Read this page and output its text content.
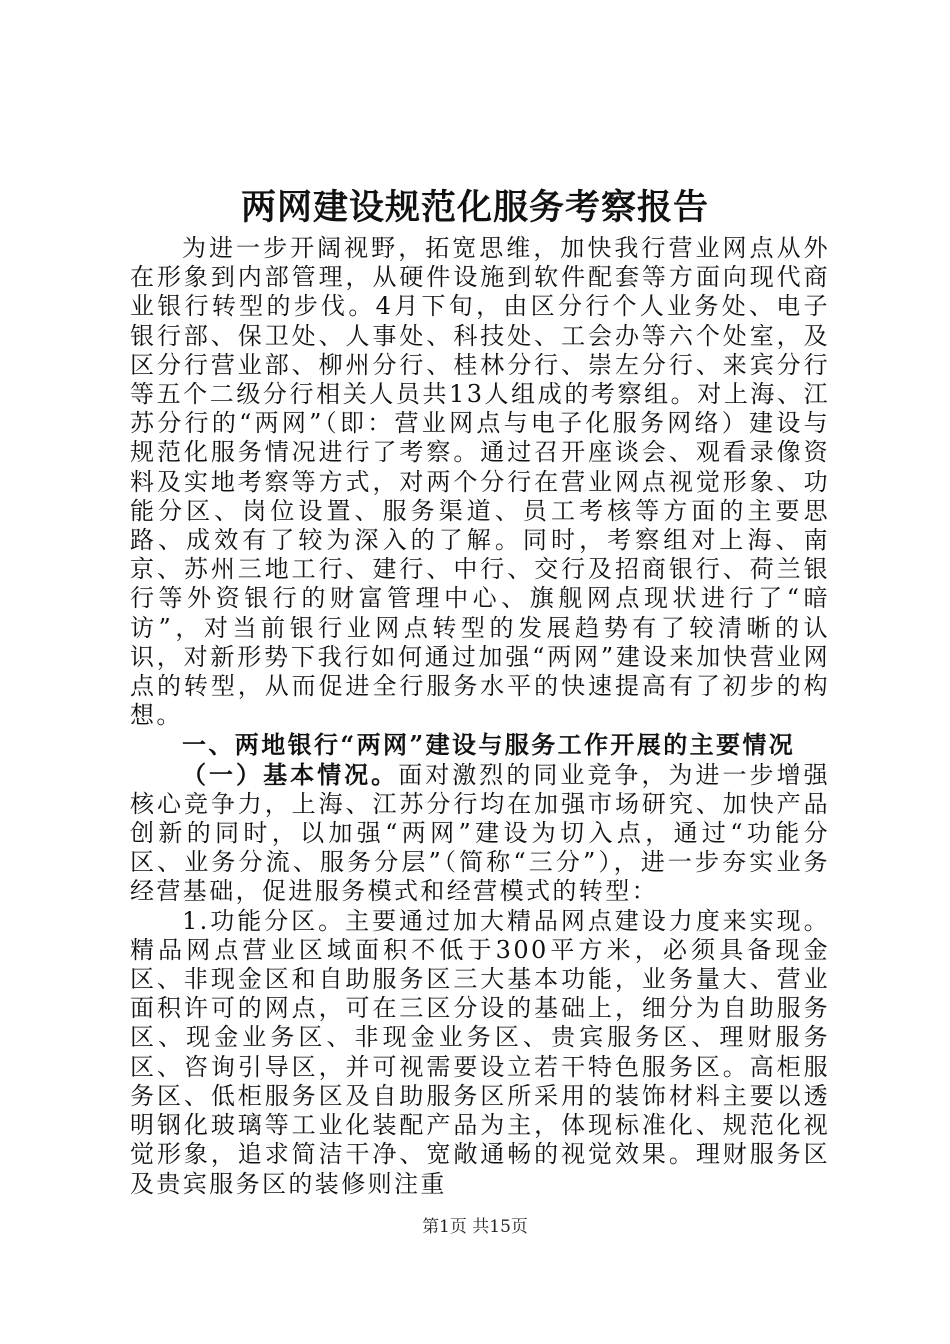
两网建设规范化服务考察报告

为进一步开阔视野，拓宽思维，加快我行营业网点从外在形象到内部管理，从硬件设施到软件配套等方面向现代商业银行转型的步伐。4月下旬，由区分行个人业务处、电子银行部、保卫处、人事处、科技处、工会办等六个处室，及区分行营业部、柳州分行、桂林分行、崇左分行、来宾分行等五个二级分行相关人员共13人组成的考察组。对上海、江苏分行的“两网”（即：营业网点与电子化服务网络）建设与规范化服务情况进行了考察。通过召开座谈会、观看录像资料及实地考察等方式，对两个分行在营业网点视觉形象、功能分区、岗位设置、服务渠道、员工考核等方面的主要思路、成效有了较为深入的了解。同时，考察组对上海、南京、苏州三地工行、建行、中行、交行及招商银行、荷兰银行等外资银行的财富管理中心、旗舰网点现状进行了“暗访”，对当前银行业网点转型的发展趋势有了较清晰的认识，对新形势下我行如何通过加强“两网”建设来加快营业网点的转型，从而促进全行服务水平的快速提高有了初步的构想。

一、两地银行“两网”建设与服务工作开展的主要情况

（一）基本情况。面对激烈的同业竞争，为进一步增强核心竞争力，上海、江苏分行均在加强市场研究、加快产品创新的同时，以加强“两网”建设为切入点，通过“功能分区、业务分流、服务分层”（简称“三分”），进一步夯实业务经营基础，促进服务模式和经营模式的转型：

1.功能分区。主要通过加大精品网点建设力度来实现。精品网点营业区域面积不低于300平方米，必须具备现金区、非现金区和自助服务区三大基本功能，业务量大、营业面积许可的网点，可在三区分设的基础上，细分为自助服务区、现金业务区、非现金业务区、贵宾服务区、理财服务区、咨询引导区，并可视需要设立若干特色服务区。高柜服务区、低柜服务区及自助服务区所采用的装饰材料主要以透明钢化玻璃等工业化装配产品为主，体现标准化、规范化视觉形象，追求简洁干净、宽敞通畅的视觉效果。理财服务区及贵宾服务区的装修则注重

第1页 共15页
